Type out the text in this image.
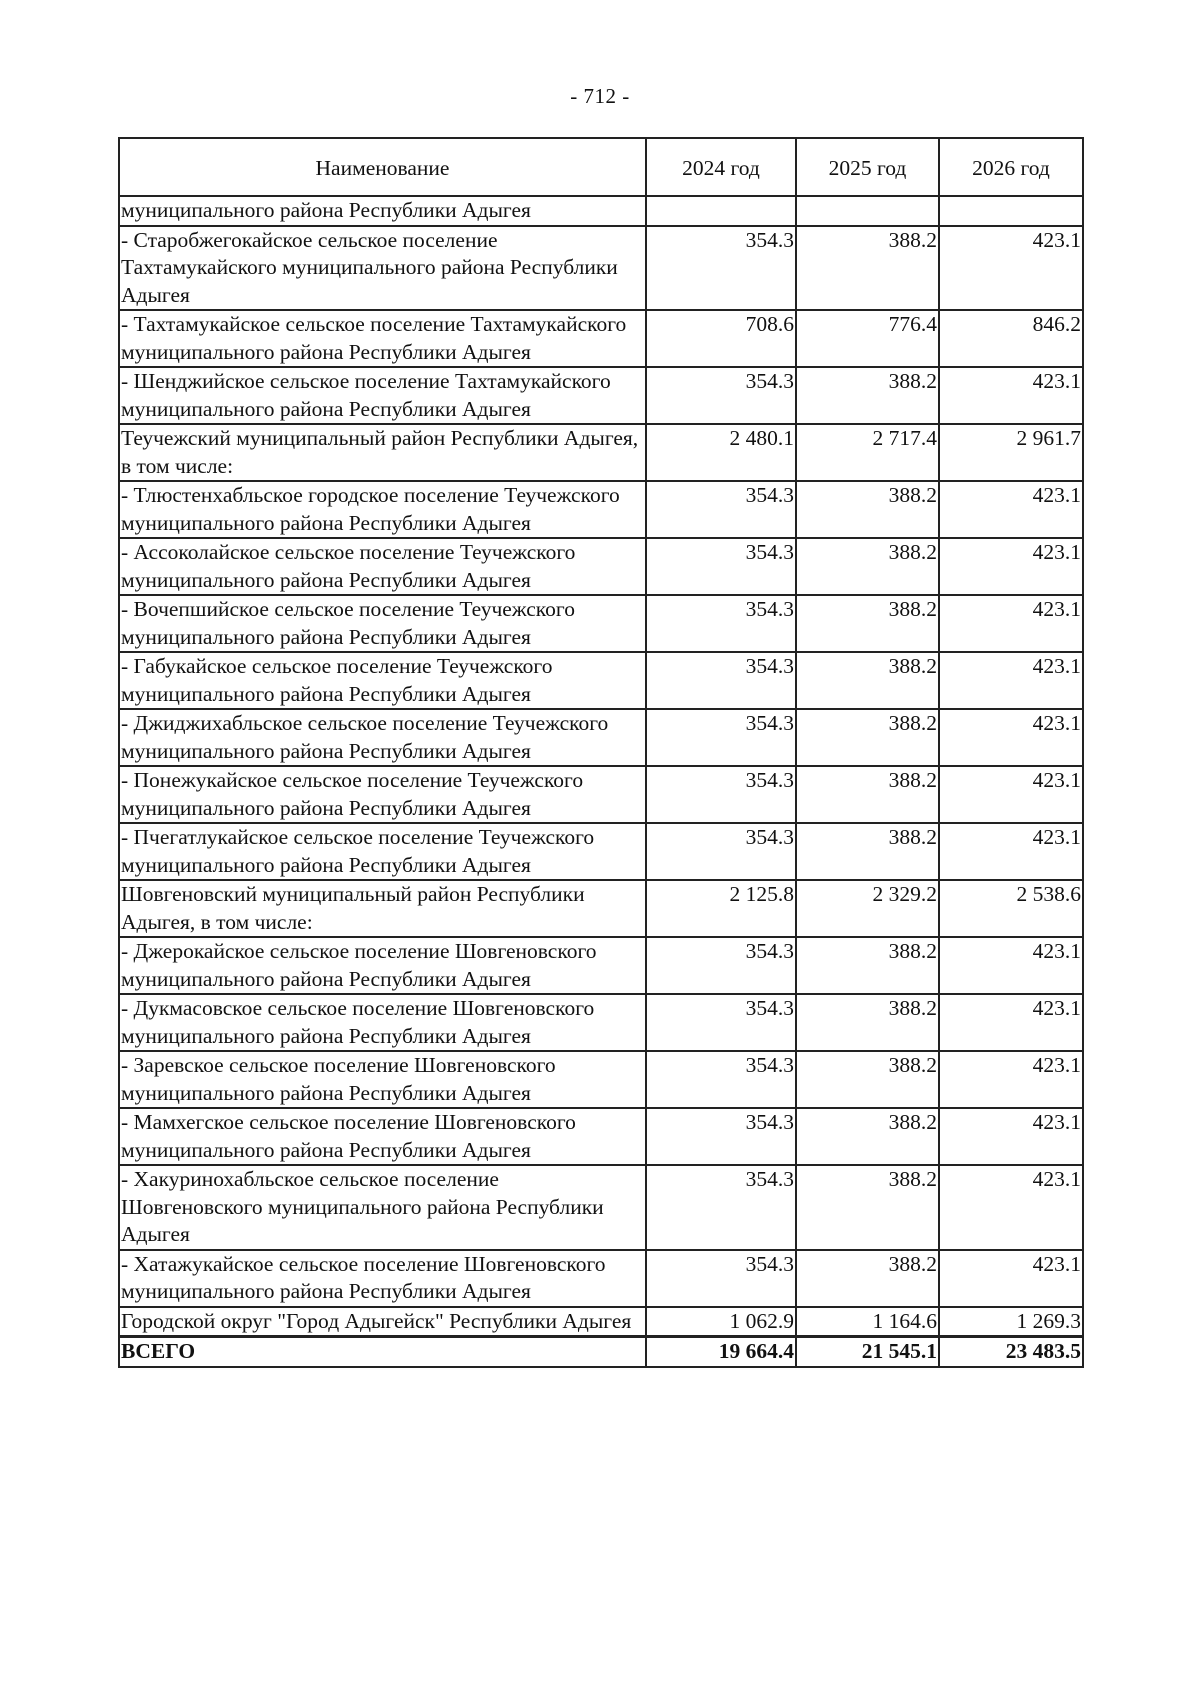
- 712 -
Наименование	2024 год	2025 год	2026 год
муниципального района Республики Адыгея			
- Старобжегокайское сельское поселение Тахтамукайского муниципального района Республики Адыгея	354.3	388.2	423.1
- Тахтамукайское сельское поселение Тахтамукайского муниципального района Республики Адыгея	708.6	776.4	846.2
- Шенджийское сельское поселение Тахтамукайского муниципального района Республики Адыгея	354.3	388.2	423.1
Теучежский муниципальный район Республики Адыгея, в том числе:	2 480.1	2 717.4	2 961.7
- Тлюстенхабльское городское поселение Теучежского муниципального района Республики Адыгея	354.3	388.2	423.1
- Ассоколайское сельское поселение Теучежского муниципального района Республики Адыгея	354.3	388.2	423.1
- Вочепшийское сельское поселение Теучежского муниципального района Республики Адыгея	354.3	388.2	423.1
- Габукайское сельское поселение Теучежского муниципального района Республики Адыгея	354.3	388.2	423.1
- Джиджихабльское сельское поселение Теучежского муниципального района Республики Адыгея	354.3	388.2	423.1
- Понежукайское сельское поселение Теучежского муниципального района Республики Адыгея	354.3	388.2	423.1
- Пчегатлукайское сельское поселение Теучежского муниципального района Республики Адыгея	354.3	388.2	423.1
Шовгеновский муниципальный район Республики Адыгея, в том числе:	2 125.8	2 329.2	2 538.6
- Джерокайское сельское поселение Шовгеновского муниципального района Республики Адыгея	354.3	388.2	423.1
- Дукмасовское сельское поселение Шовгеновского муниципального района Республики Адыгея	354.3	388.2	423.1
- Заревское сельское поселение Шовгеновского муниципального района Республики Адыгея	354.3	388.2	423.1
- Мамхегское сельское поселение Шовгеновского муниципального района Республики Адыгея	354.3	388.2	423.1
- Хакуринохабльское сельское поселение Шовгеновского муниципального района Республики Адыгея	354.3	388.2	423.1
- Хатажукайское сельское поселение Шовгеновского муниципального района Республики Адыгея	354.3	388.2	423.1
Городской округ "Город Адыгейск" Республики Адыгея	1 062.9	1 164.6	1 269.3
ВСЕГО	19 664.4	21 545.1	23 483.5
